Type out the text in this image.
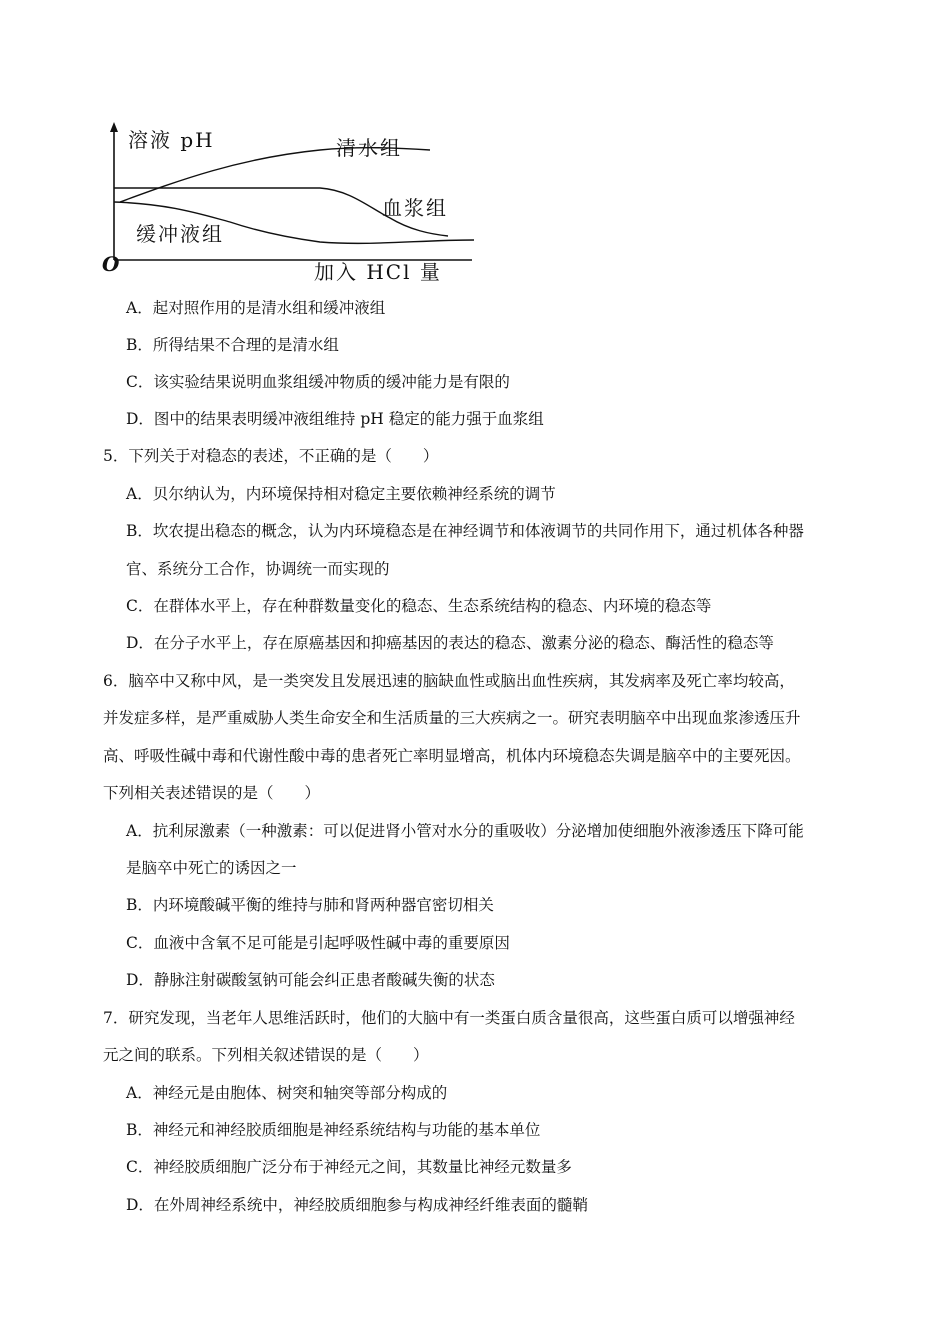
溶液 pH	清水组
血浆组
缓冲液组
O	加入 HCl 量
A．起对照作用的是清水组和缓冲液组
B．所得结果不合理的是清水组
C．该实验结果说明血浆组缓冲物质的缓冲能力是有限的
D．图中的结果表明缓冲液组维持 pH 稳定的能力强于血浆组
5．下列关于对稳态的表述，不正确的是（　　）
A．贝尔纳认为，内环境保持相对稳定主要依赖神经系统的调节
B．坎农提出稳态的概念，认为内环境稳态是在神经调节和体液调节的共同作用下，通过机体各种器
官、系统分工合作，协调统一而实现的
C．在群体水平上，存在种群数量变化的稳态、生态系统结构的稳态、内环境的稳态等
D．在分子水平上，存在原癌基因和抑癌基因的表达的稳态、激素分泌的稳态、酶活性的稳态等
6．脑卒中又称中风，是一类突发且发展迅速的脑缺血性或脑出血性疾病，其发病率及死亡率均较高，
并发症多样，是严重威胁人类生命安全和生活质量的三大疾病之一。研究表明脑卒中出现血浆渗透压升
高、呼吸性碱中毒和代谢性酸中毒的患者死亡率明显增高，机体内环境稳态失调是脑卒中的主要死因。
下列相关表述错误的是（　　）
A．抗利尿激素（一种激素：可以促进肾小管对水分的重吸收）分泌增加使细胞外液渗透压下降可能
是脑卒中死亡的诱因之一
B．内环境酸碱平衡的维持与肺和肾两种器官密切相关
C．血液中含氧不足可能是引起呼吸性碱中毒的重要原因
D．静脉注射碳酸氢钠可能会纠正患者酸碱失衡的状态
7．研究发现，当老年人思维活跃时，他们的大脑中有一类蛋白质含量很高，这些蛋白质可以增强神经
元之间的联系。下列相关叙述错误的是（　　）
A．神经元是由胞体、树突和轴突等部分构成的
B．神经元和神经胶质细胞是神经系统结构与功能的基本单位
C．神经胶质细胞广泛分布于神经元之间，其数量比神经元数量多
D．在外周神经系统中，神经胶质细胞参与构成神经纤维表面的髓鞘
